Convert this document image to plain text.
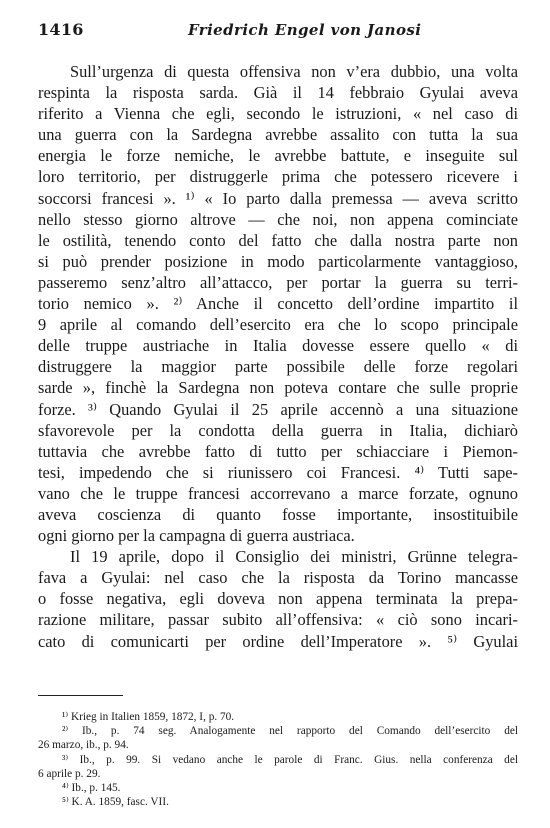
1416	Friedrich Engel von Janosi
Sull’urgenza di questa offensiva non v’era dubbio, una volta
respinta la risposta sarda. Già il 14 febbraio Gyulai aveva
riferito a Vienna che egli, secondo le istruzioni, « nel caso di
una guerra con la Sardegna avrebbe assalito con tutta la sua
energia le forze nemiche, le avrebbe battute, e inseguite sul
loro territorio, per distruggerle prima che potessero ricevere i
soccorsi francesi ». ¹⁾ « Io parto dalla premessa — aveva scritto
nello stesso giorno altrove — che noi, non appena cominciate
le ostilità, tenendo conto del fatto che dalla nostra parte non
si può prender posizione in modo particolarmente vantaggioso,
passeremo senz’altro all’attacco, per portar la guerra su terri-
torio nemico ». ²⁾ Anche il concetto dell’ordine impartito il
9 aprile al comando dell’esercito era che lo scopo principale
delle truppe austriache in Italia dovesse essere quello « di
distruggere la maggior parte possibile delle forze regolari
sarde », finchè la Sardegna non poteva contare che sulle proprie
forze. ³⁾ Quando Gyulai il 25 aprile accennò a una situazione
sfavorevole per la condotta della guerra in Italia, dichiarò
tuttavia che avrebbe fatto di tutto per schiacciare i Piemon-
tesi, impedendo che si riunissero coi Francesi. ⁴⁾ Tutti sape-
vano che le truppe francesi accorrevano a marce forzate, ognuno
aveva coscienza di quanto fosse importante, insostituibile
ogni giorno per la campagna di guerra austriaca.
Il 19 aprile, dopo il Consiglio dei ministri, Grünne telegra-
fava a Gyulai: nel caso che la risposta da Torino mancasse
o fosse negativa, egli doveva non appena terminata la prepa-
razione militare, passar subito all’offensiva: « ciò sono incari-
cato di comunicarti per ordine dell’Imperatore ». ⁵⁾ Gyulai
¹⁾ Krieg in Italien 1859, 1872, I, p. 70.
²⁾ Ib., p. 74 seg. Analogamente nel rapporto del Comando dell’esercito del
26 marzo, ib., p. 94.
³⁾ Ib., p. 99. Si vedano anche le parole di Franc. Gius. nella conferenza del
6 aprile p. 29.
⁴⁾ Ib., p. 145.
⁵⁾ K. A. 1859, fasc. VII.
